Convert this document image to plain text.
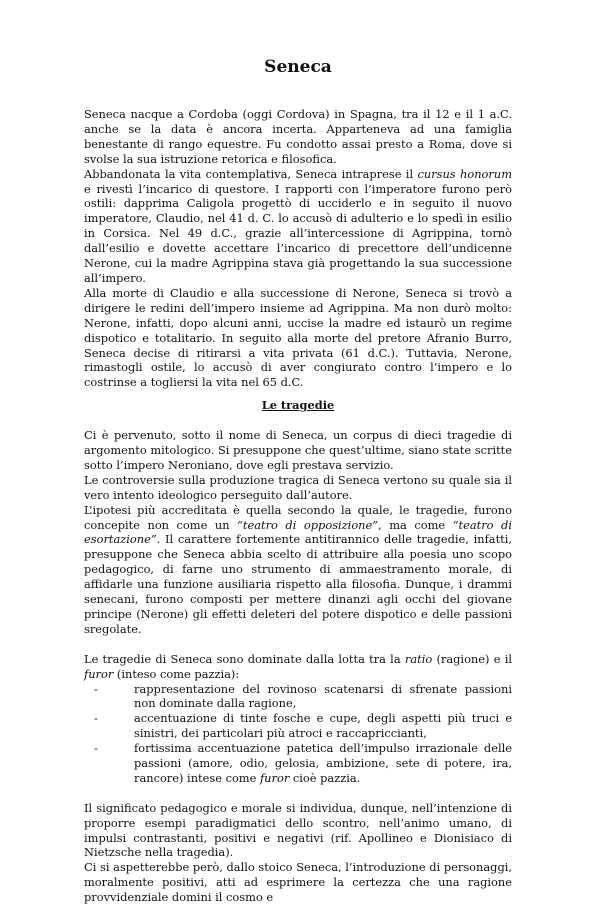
Seneca

Seneca nacque a Cordoba (oggi Cordova) in Spagna, tra il 12 e il 1 a.C. anche se la data è ancora incerta. Apparteneva ad una famiglia benestante di rango equestre. Fu condotto assai presto a Roma, dove si svolse la sua istruzione retorica e filosofica.

Abbandonata la vita contemplativa, Seneca intraprese il cursus honorum e rivestì l’incarico di questore. I rapporti con l’imperatore furono però ostili: dapprima Caligola progettò di ucciderlo e in seguito il nuovo imperatore, Claudio, nel 41 d. C. lo accusò di adulterio e lo spedì in esilio in Corsica. Nel 49 d.C., grazie all’intercessione di Agrippina, tornò dall’esilio e dovette accettare l’incarico di precettore dell’undicenne Nerone, cui la madre Agrippina stava già progettando la sua successione all’impero.

Alla morte di Claudio e alla successione di Nerone, Seneca si trovò a dirigere le redini dell’impero insieme ad Agrippina. Ma non durò molto: Nerone, infatti, dopo alcuni anni, uccise la madre ed istaurò un regime dispotico e totalitario. In seguito alla morte del pretore Afranio Burro, Seneca decise di ritirarsi a vita privata (61 d.C.). Tuttavia, Nerone, rimastogli ostile, lo accusò di aver congiurato contro l’impero e lo costrinse a togliersi la vita nel 65 d.C.

Le tragedie

Ci è pervenuto, sotto il nome di Seneca, un corpus di dieci tragedie di argomento mitologico. Si presuppone che quest’ultime, siano state scritte sotto l’impero Neroniano, dove egli prestava servizio.

Le controversie sulla produzione tragica di Seneca vertono su quale sia il vero intento ideologico perseguito dall’autore.

L’ipotesi più accreditata è quella secondo la quale, le tragedie, furono concepite non come un “teatro di opposizione”, ma come “teatro di esortazione”. Il carattere fortemente antitirannico delle tragedie, infatti, presuppone che Seneca abbia scelto di attribuire alla poesia uno scopo pedagogico, di farne uno strumento di ammaestramento morale, di affidarle una funzione ausiliaria rispetto alla filosofia. Dunque, i drammi senecani, furono composti per mettere dinanzi agli occhi del giovane principe (Nerone) gli effetti deleteri del potere dispotico e delle passioni sregolate.

Le tragedie di Seneca sono dominate dalla lotta tra la ratio (ragione) e il furor (inteso come pazzia):

- rappresentazione del rovinoso scatenarsi di sfrenate passioni non dominate dalla ragione,
- accentuazione di tinte fosche e cupe, degli aspetti più truci e sinistri, dei particolari più atroci e raccapriccianti,
- fortissima accentuazione patetica dell’impulso irrazionale delle passioni (amore, odio, gelosia, ambizione, sete di potere, ira, rancore) intese come furor cioè pazzia.

Il significato pedagogico e morale si individua, dunque, nell’intenzione di proporre esempi paradigmatici dello scontro, nell’animo umano, di impulsi contrastanti, positivi e negativi (rif. Apollineo e Dionisiaco di Nietzsche nella tragedia).

Ci si aspetterebbe però, dallo stoico Seneca, l’introduzione di personaggi, moralmente positivi, atti ad esprimere la certezza che una ragione provvidenziale domini il cosmo e
